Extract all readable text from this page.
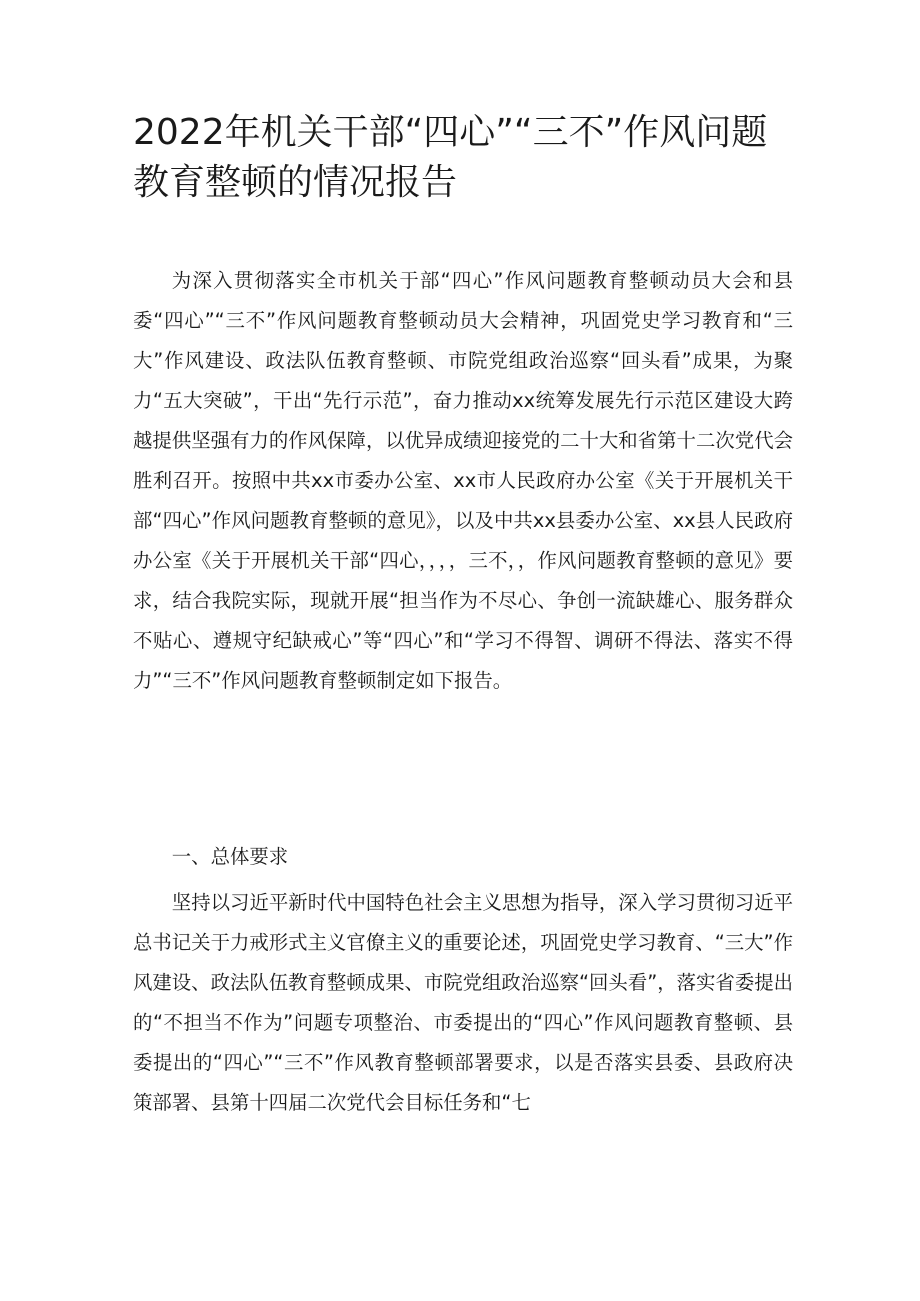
2022年机关干部“四心”“三不”作风问题教育整顿的情况报告

为深入贯彻落实全市机关于部“四心”作风问题教育整顿动员大会和县委“四心”“三不”作风问题教育整顿动员大会精神，巩固党史学习教育和“三大”作风建设、政法队伍教育整顿、市院党组政治巡察“回头看”成果，为聚力“五大突破”，干出“先行示范”，奋力推动xx统筹发展先行示范区建设大跨越提供坚强有力的作风保障，以优异成绩迎接党的二十大和省第十二次党代会胜利召开。按照中共xx市委办公室、xx市人民政府办公室《关于开展机关干部“四心”作风问题教育整顿的意见》，以及中共xx县委办公室、xx县人民政府办公室《关于开展机关干部“四心，，，，三不，，作风问题教育整顿的意见》要求，结合我院实际，现就开展“担当作为不尽心、争创一流缺雄心、服务群众不贴心、遵规守纪缺戒心”等“四心”和“学习不得智、调研不得法、落实不得力”“三不”作风问题教育整顿制定如下报告。

一、总体要求

坚持以习近平新时代中国特色社会主义思想为指导，深入学习贯彻习近平总书记关于力戒形式主义官僚主义的重要论述，巩固党史学习教育、“三大”作风建设、政法队伍教育整顿成果、市院党组政治巡察“回头看”，落实省委提出的“不担当不作为”问题专项整治、市委提出的“四心”作风问题教育整顿、县委提出的“四心”“三不”作风教育整顿部署要求，以是否落实县委、县政府决策部署、县第十四届二次党代会目标任务和“七
